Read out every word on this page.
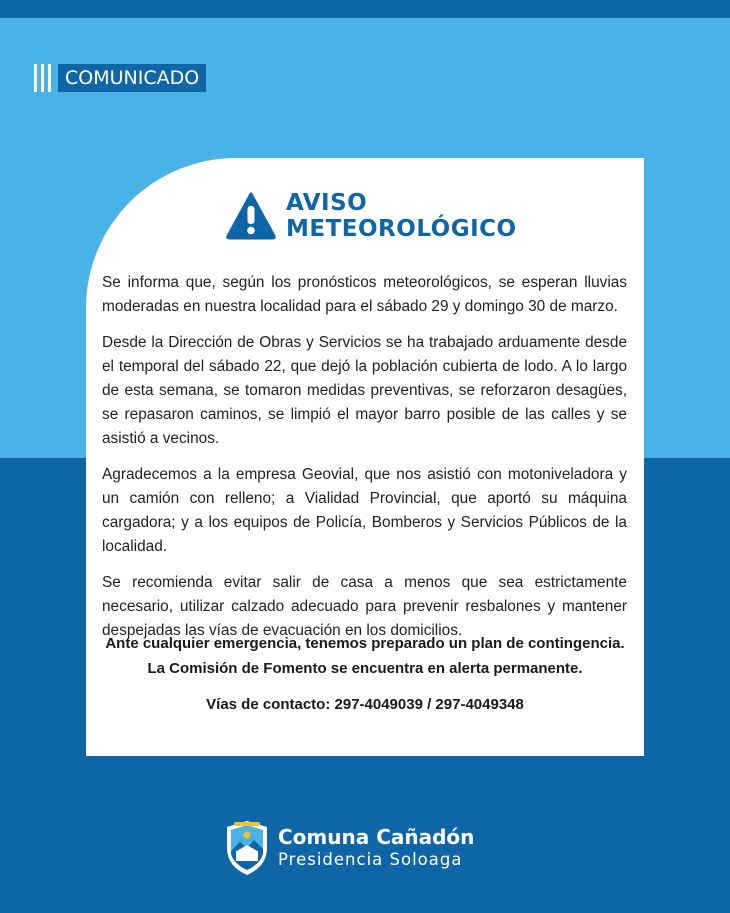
COMUNICADO
AVISO
METEOROLÓGICO

Se informa que, según los pronósticos meteorológicos, se esperan lluvias moderadas en nuestra localidad para el sábado 29 y domingo 30 de marzo.

Desde la Dirección de Obras y Servicios se ha trabajado arduamente desde el temporal del sábado 22, que dejó la población cubierta de lodo. A lo largo de esta semana, se tomaron medidas preventivas, se reforzaron desagües, se repasaron caminos, se limpió el mayor barro posible de las calles y se asistió a vecinos.

Agradecemos a la empresa Geovial, que nos asistió con motoniveladora y un camión con relleno; a Vialidad Provincial, que aportó su máquina cargadora; y a los equipos de Policía, Bomberos y Servicios Públicos de la localidad.

Se recomienda evitar salir de casa a menos que sea estrictamente necesario, utilizar calzado adecuado para prevenir resbalones y mantener despejadas las vías de evacuación en los domicilios.

Ante cualquier emergencia, tenemos preparado un plan de contingencia.
La Comisión de Fomento se encuentra en alerta permanente.
Vías de contacto: 297-4049039 / 297-4049348
Comuna Cañadón
Presidencia Soloaga
